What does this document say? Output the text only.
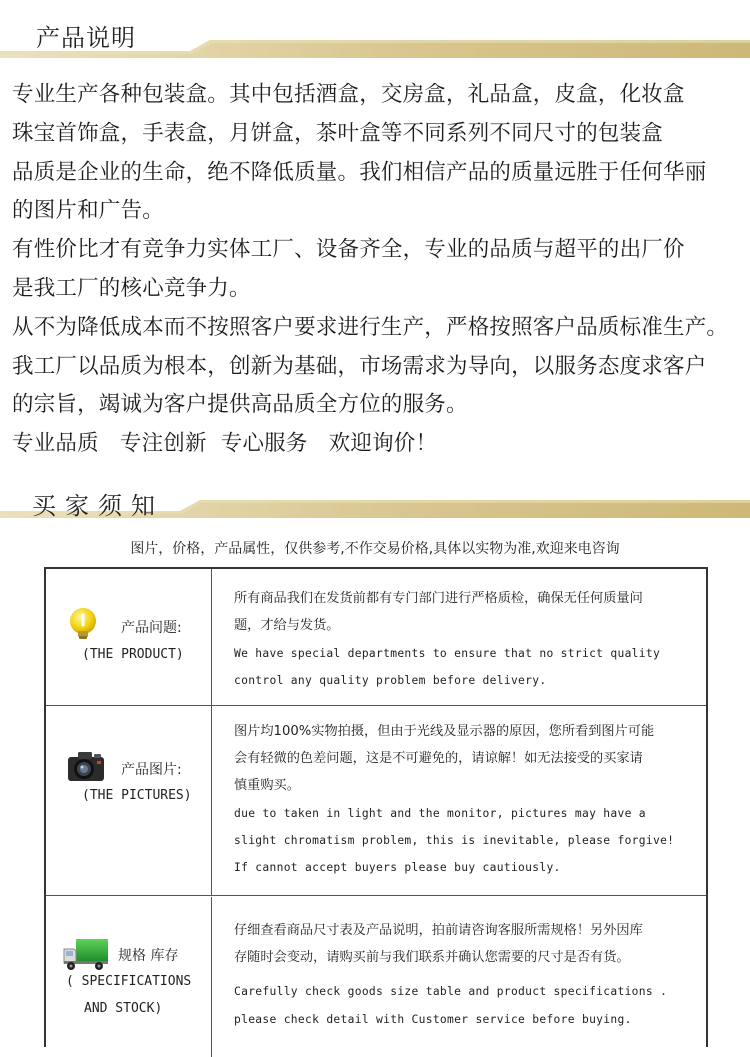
产品说明
专业生产各种包装盒。其中包括酒盒，交房盒，礼品盒，皮盒，化妆盒
珠宝首饰盒，手表盒，月饼盒，茶叶盒等不同系列不同尺寸的包装盒
品质是企业的生命，绝不降低质量。我们相信产品的质量远胜于任何华丽
的图片和广告。
有性价比才有竞争力实体工厂、设备齐全，专业的品质与超平的出厂价
是我工厂的核心竞争力。
从不为降低成本而不按照客户要求进行生产，严格按照客户品质标准生产。
我工厂以品质为根本，创新为基础，市场需求为导向，以服务态度求客户
的宗旨，竭诚为客户提供高品质全方位的服务。
专业品质   专注创新  专心服务   欢迎询价！
买家须知
图片，价格，产品属性，仅供参考,不作交易价格,具体以实物为准,欢迎来电咨询
产品问题:
(THE PRODUCT)
所有商品我们在发货前都有专门部门进行严格质检，确保无任何质量问
题，才给与发货。
We have special departments to ensure that no strict quality
control any quality problem before delivery.
产品图片:
(THE PICTURES)
图片均100%实物拍摄，但由于光线及显示器的原因，您所看到图片可能
会有轻微的色差问题，这是不可避免的，请谅解！如无法接受的买家请
慎重购买。
due to taken in light and the monitor, pictures may have a
slight chromatism problem, this is inevitable, please forgive!
If cannot accept buyers please buy cautiously.
规格 库存
( SPECIFICATIONS
AND STOCK)
仔细查看商品尺寸表及产品说明，拍前请咨询客服所需规格！另外因库
存随时会变动，请购买前与我们联系并确认您需要的尺寸是否有货。
Carefully check goods size table and product specifications .
please check detail with Customer service before buying.
